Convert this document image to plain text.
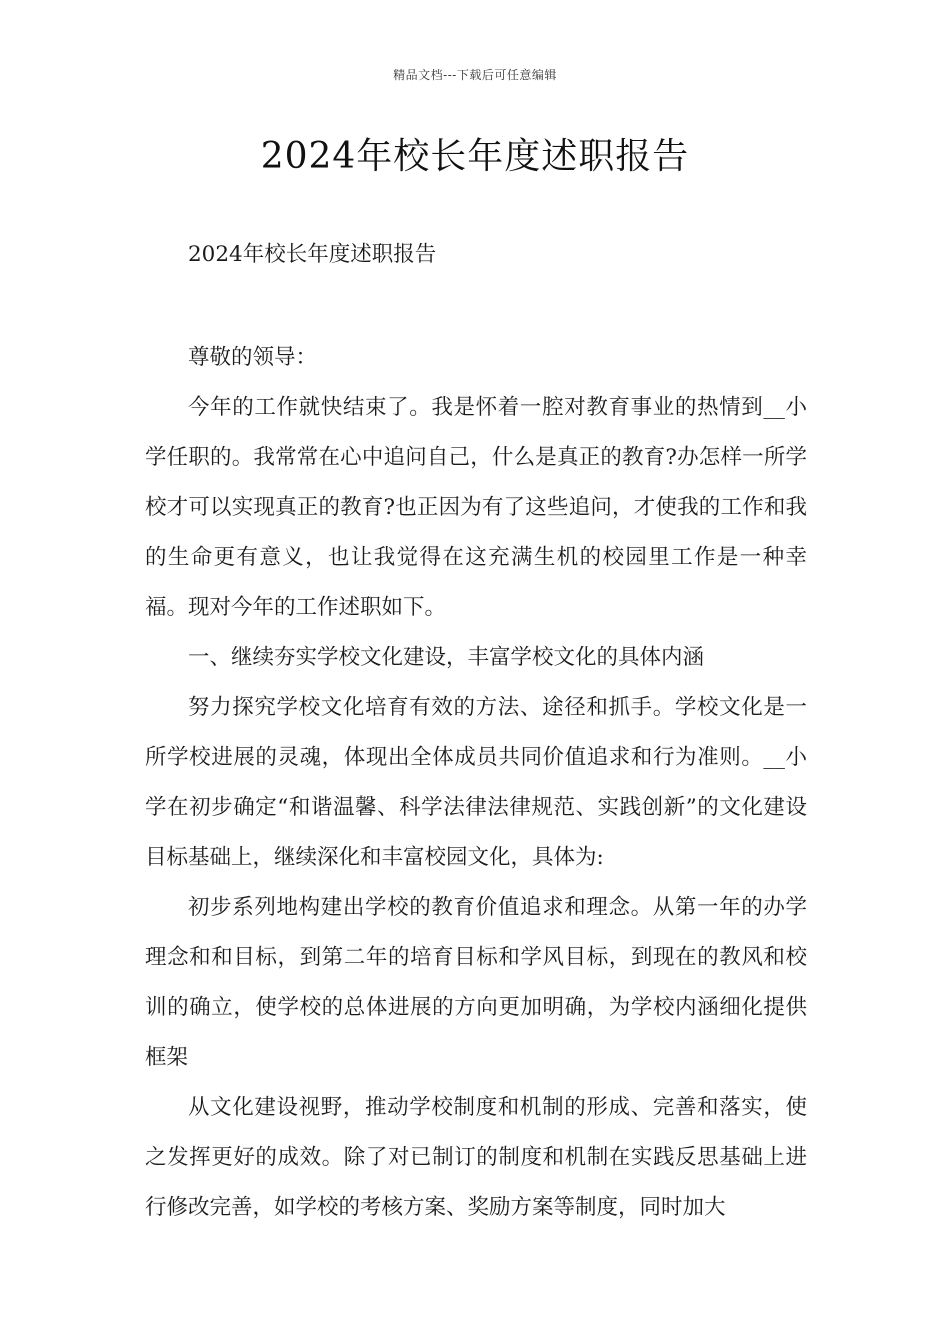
精品文档---下载后可任意编辑
2024年校长年度述职报告

2024年校长年度述职报告

尊敬的领导：

今年的工作就快结束了。我是怀着一腔对教育事业的热情到__小学任职的。我常常在心中追问自己，什么是真正的教育?办怎样一所学校才可以实现真正的教育?也正因为有了这些追问，才使我的工作和我的生命更有意义，也让我觉得在这充满生机的校园里工作是一种幸福。现对今年的工作述职如下。

一、继续夯实学校文化建设，丰富学校文化的具体内涵

努力探究学校文化培育有效的方法、途径和抓手。学校文化是一所学校进展的灵魂，体现出全体成员共同价值追求和行为准则。__小学在初步确定“和谐温馨、科学法律法律规范、实践创新”的文化建设目标基础上，继续深化和丰富校园文化，具体为:

初步系列地构建出学校的教育价值追求和理念。从第一年的办学理念和和目标，到第二年的培育目标和学风目标，到现在的教风和校训的确立，使学校的总体进展的方向更加明确，为学校内涵细化提供框架

从文化建设视野，推动学校制度和机制的形成、完善和落实，使之发挥更好的成效。除了对已制订的制度和机制在实践反思基础上进行修改完善，如学校的考核方案、奖励方案等制度，同时加大
